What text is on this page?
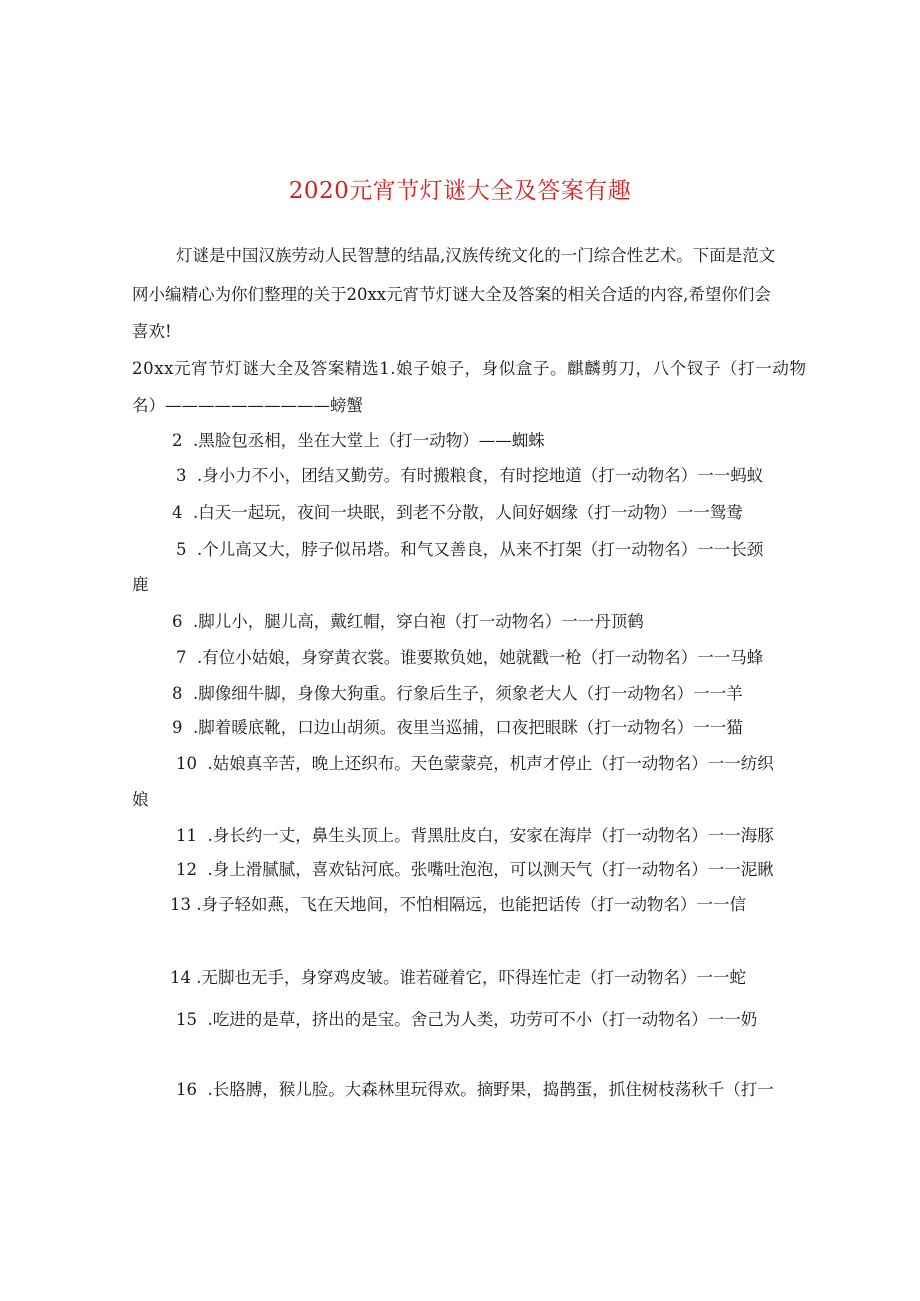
2020元宵节灯谜大全及答案有趣
灯谜是中国汉族劳动人民智慧的结晶,汉族传统文化的一门综合性艺术。下面是范文
网小编精心为你们整理的关于20xx元宵节灯谜大全及答案的相关合适的内容,希望你们会
喜欢!
20xx元宵节灯谜大全及答案精选1.娘子娘子，身似盒子。麒麟剪刀，八个钗子（打一动物
名）——————————螃蟹
2 .黑脸包丞相，坐在大堂上（打一动物）——蜘蛛
3 .身小力不小，团结又勤劳。有时搬粮食，有时挖地道（打一动物名）一一蚂蚁
4 .白天一起玩，夜间一块眠，到老不分散，人间好姻缘（打一动物）一一鸳鸯
5 .个儿高又大，脖子似吊塔。和气又善良，从来不打架（打一动物名）一一长颈
鹿
6 .脚儿小，腿儿高，戴红帽，穿白袍（打一动物名）一一丹顶鹤
7 .有位小姑娘，身穿黄衣裳。谁要欺负她，她就戳一枪（打一动物名）一一马蜂
8 .脚像细牛脚，身像大狗重。行象后生子，须象老大人（打一动物名）一一羊
9 .脚着暖底靴，口边山胡须。夜里当巡捕，口夜把眼眯（打一动物名）一一猫
10 .姑娘真辛苦，晚上还织布。天色蒙蒙亮，机声才停止（打一动物名）一一纺织
娘
11 .身长约一丈，鼻生头顶上。背黑肚皮白，安家在海岸（打一动物名）一一海豚
12 .身上滑腻腻，喜欢钻河底。张嘴吐泡泡，可以测天气（打一动物名）一一泥瞅
13 .身子轻如燕，飞在天地间，不怕相隔远，也能把话传（打一动物名）一一信
14 .无脚也无手，身穿鸡皮皱。谁若碰着它，吓得连忙走（打一动物名）一一蛇
15 .吃进的是草，挤出的是宝。舍己为人类，功劳可不小（打一动物名）一一奶
16 .长胳膊，猴儿脸。大森林里玩得欢。摘野果，捣鹊蛋，抓住树枝荡秋千（打一
